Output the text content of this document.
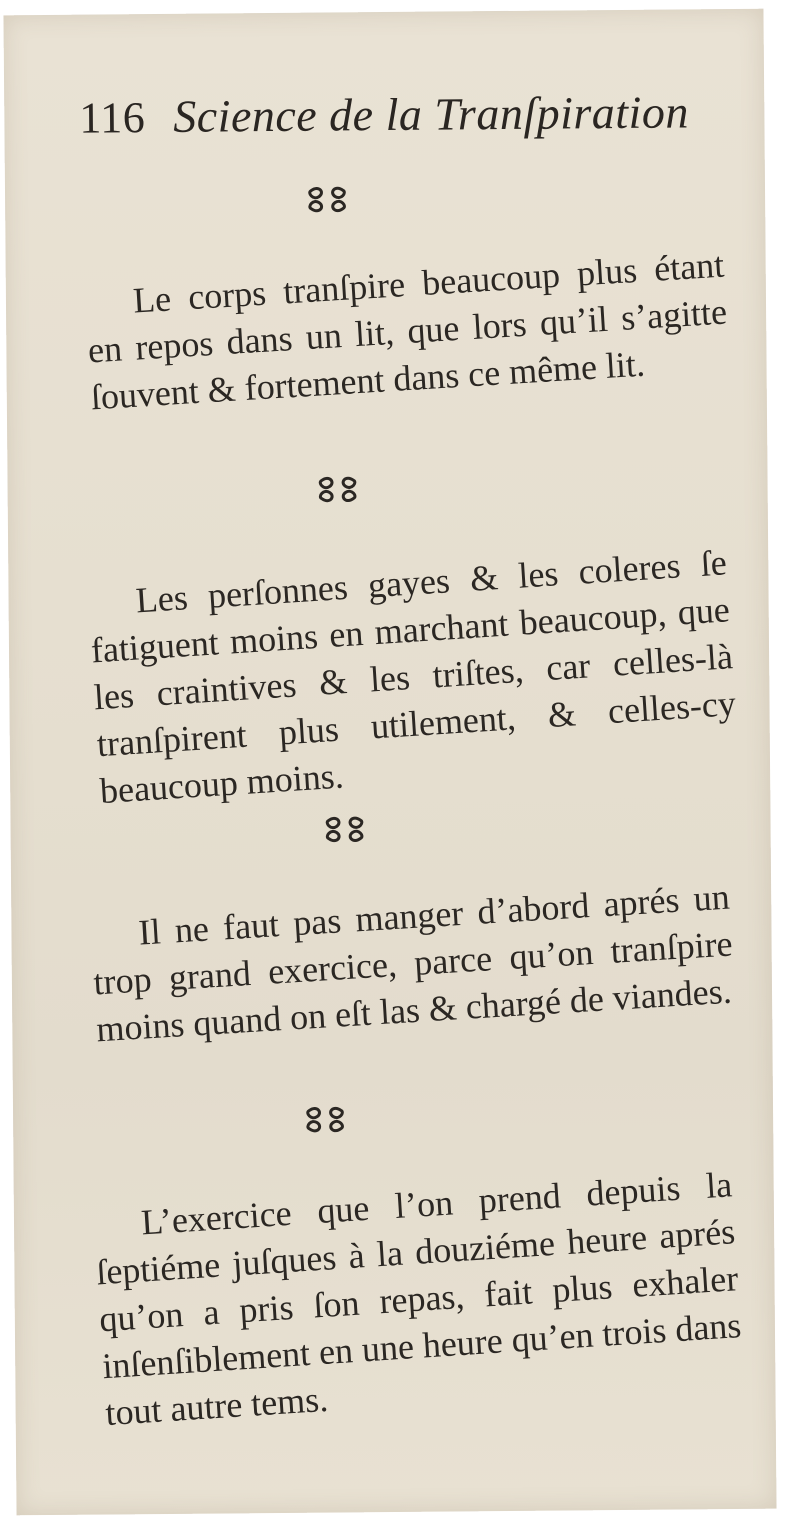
116 Science de la Tranſpiration

Le corps tranſpire beaucoup plus étant en repos dans un lit, que lors qu’il s’agitte ſouvent & fortement dans ce même lit.

Les perſonnes gayes & les coleres ſe fatiguent moins en marchant beaucoup, que les craintives & les triſtes, car celles-là tranſpirent plus utilement, & celles-cy beaucoup moins.

Il ne faut pas manger d’abord aprés un trop grand exercice, parce qu’on tranſpire moins quand on eſt las & chargé de viandes.

L’exercice que l’on prend depuis la ſeptiéme juſques à la douziéme heure aprés qu’on a pris ſon repas, fait plus exhaler inſenſiblement en une heure qu’en trois dans tout autre tems.
